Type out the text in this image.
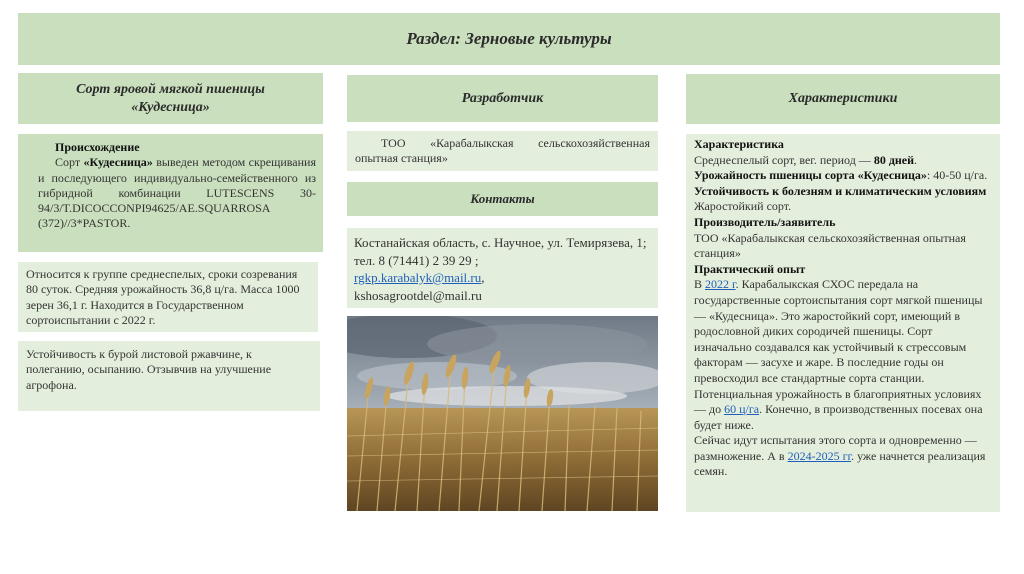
Раздел: Зерновые культуры
Сорт яровой мягкой пшеницы «Кудесница»
Происхождение
Сорт «Кудесница» выведен методом скрещивания и последующего индивидуально-семейственного из гибридной комбинации LUTESCENS 30-94/3/T.DICOCCONPI94625/AE.SQUARROSA (372)//3*PASTOR.
Относится к группе среднеспелых, сроки созревания 80 суток. Средняя урожайность 36,8 ц/га. Масса 1000 зерен 36,1 г. Находится в Государственном сортоиспытании с 2022 г.
Устойчивость к бурой листовой ржавчине, к полеганию, осыпанию. Отзывчив на улучшение агрофона.
Разработчик
ТОО «Карабалыкская сельскохозяйственная опытная станция»
Контакты
Костанайская область, с. Научное, ул. Темирязева, 1; тел. 8 (71441) 2 39 29 ;
rgkp.karabalyk@mail.ru,
kshosagrootdel@mail.ru
Характеристики
Характеристика
Среднеспелый сорт, вег. период — 80 дней.
Урожайность пшеницы сорта «Кудесница»: 40-50 ц/га.
Устойчивость к болезням и климатическим условиям
Жаростойкий сорт.
Производитель/заявитель
ТОО «Карабалыкская сельскохозяйственная опытная станция»
Практический опыт
В 2022 г. Карабалыкская СХОС передала на государственные сортоиспытания сорт мягкой пшеницы — «Кудесница». Это жаростойкий сорт, имеющий в родословной диких сородичей пшеницы. Сорт изначально создавался как устойчивый к стрессовым факторам — засухе и жаре. В последние годы он превосходил все стандартные сорта станции. Потенциальная урожайность в благоприятных условиях — до 60 ц/га. Конечно, в производственных посевах она будет ниже.
Сейчас идут испытания этого сорта и одновременно — размножение. А в 2024-2025 гг. уже начнется реализация семян.
